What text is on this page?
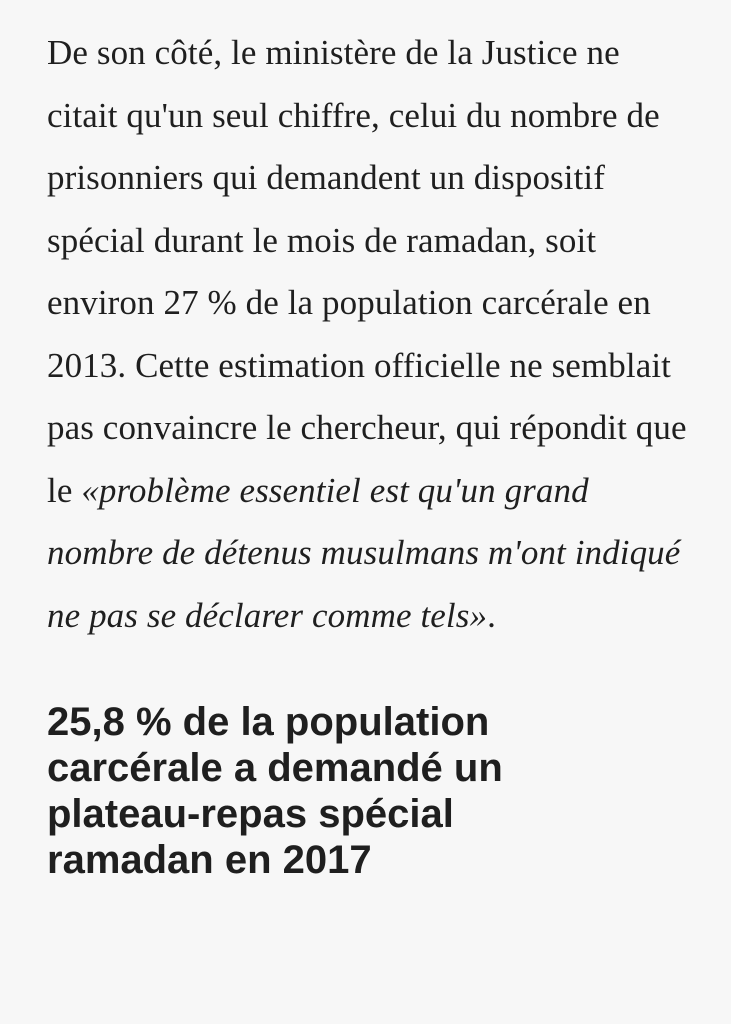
De son côté, le ministère de la Justice ne citait qu'un seul chiffre, celui du nombre de prisonniers qui demandent un dispositif spécial durant le mois de ramadan, soit environ 27 % de la population carcérale en 2013. Cette estimation officielle ne semblait pas convaincre le chercheur, qui répondit que le «problème essentiel est qu'un grand nombre de détenus musulmans m'ont indiqué ne pas se déclarer comme tels».

25,8 % de la population carcérale a demandé un plateau-repas spécial ramadan en 2017
